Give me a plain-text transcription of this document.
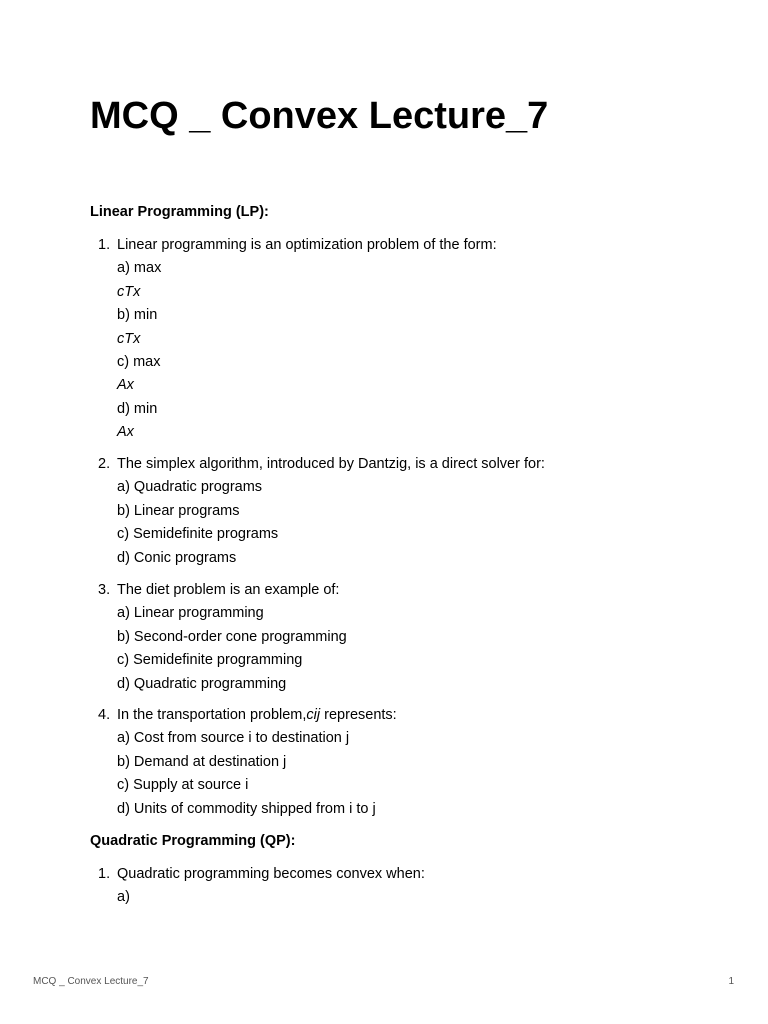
MCQ _ Convex Lecture_7
Linear Programming (LP):
1. Linear programming is an optimization problem of the form:
a) max
cTx
b) min
cTx
c) max
Ax
d) min
Ax
2. The simplex algorithm, introduced by Dantzig, is a direct solver for:
a) Quadratic programs
b) Linear programs
c) Semidefinite programs
d) Conic programs
3. The diet problem is an example of:
a) Linear programming
b) Second-order cone programming
c) Semidefinite programming
d) Quadratic programming
4. In the transportation problem,cij represents:
a) Cost from source i to destination j
b) Demand at destination j
c) Supply at source i
d) Units of commodity shipped from i to j
Quadratic Programming (QP):
1. Quadratic programming becomes convex when:
a)
MCQ _ Convex Lecture_7	1
